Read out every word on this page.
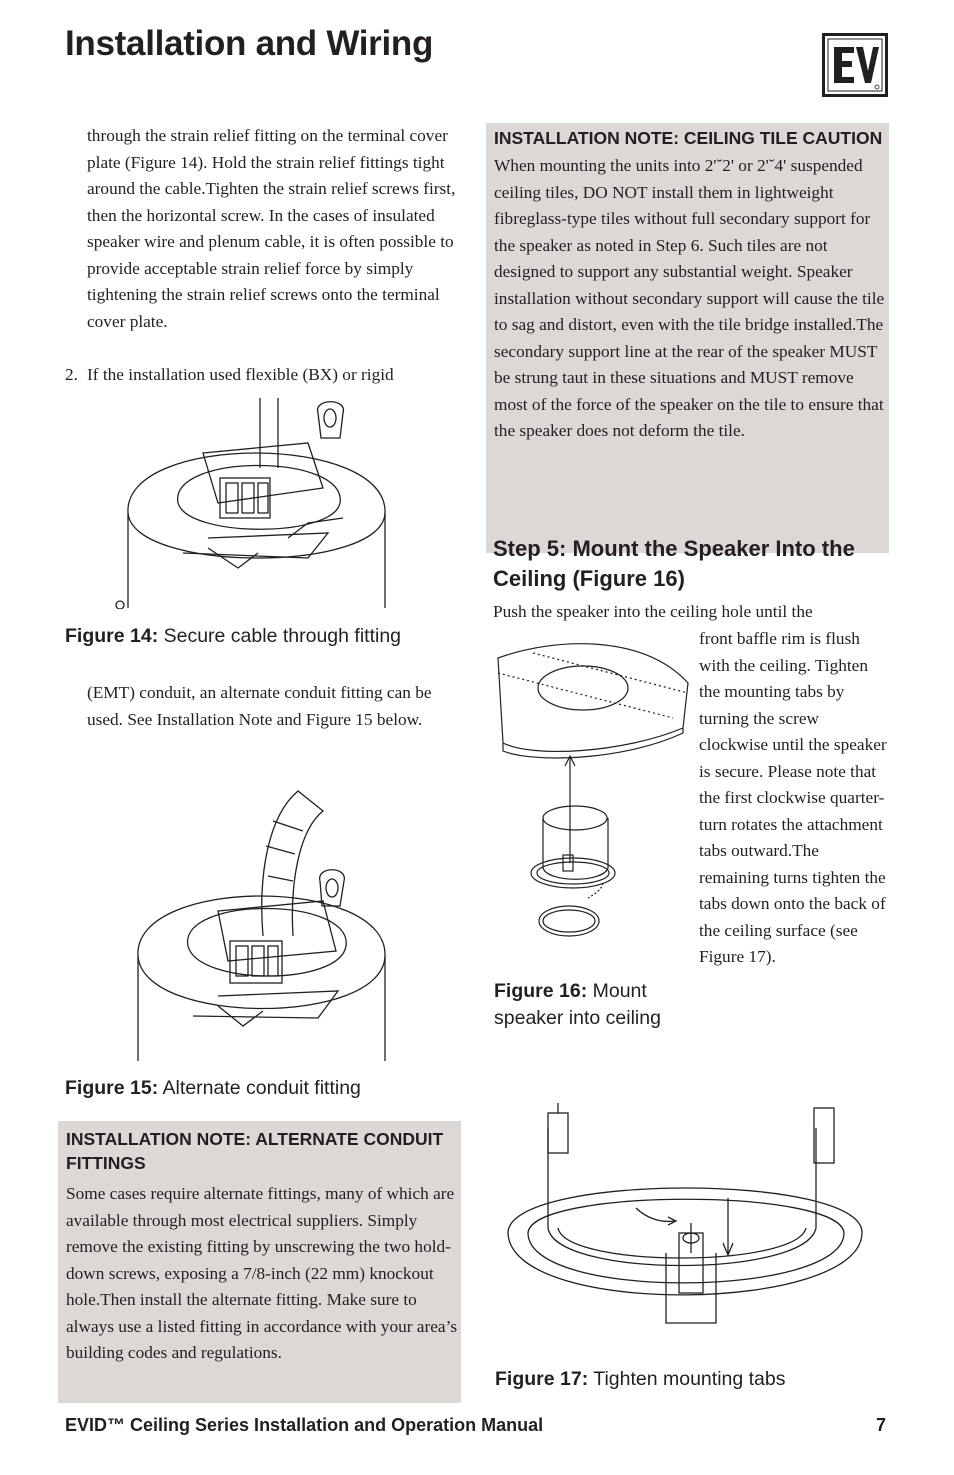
Installation and Wiring

through the strain relief fitting on the terminal cover plate (Figure 14). Hold the strain relief fittings tight around the cable.Tighten the strain relief screws first, then the horizontal screw. In the cases of insulated speaker wire and plenum cable, it is often possible to provide acceptable strain relief force by simply tightening the strain relief screws onto the terminal cover plate.

2. If the installation used flexible (BX) or rigid
Figure 14: Secure cable through fitting

(EMT) conduit, an alternate conduit fitting can be used. See Installation Note and Figure 15 below.

Figure 15: Alternate conduit fitting

INSTALLATION NOTE: ALTERNATE CONDUIT FITTINGS

Some cases require alternate fittings, many of which are available through most electrical suppliers. Simply remove the existing fitting by unscrewing the two hold-down screws, exposing a 7/8-inch (22 mm) knockout hole.Then install the alternate fitting. Make sure to always use a listed fitting in accordance with your area’s building codes and regulations.

INSTALLATION NOTE: CEILING TILE CAUTION

When mounting the units into 2'˘2' or 2'˘4' suspended ceiling tiles, DO NOT install them in lightweight fibreglass-type tiles without full secondary support for the speaker as noted in Step 6. Such tiles are not designed to support any substantial weight. Speaker installation without secondary support will cause the tile to sag and distort, even with the tile bridge installed.The secondary support line at the rear of the speaker MUST be strung taut in these situations and MUST remove most of the force of the speaker on the tile to ensure that the speaker does not deform the tile.

Step 5: Mount the Speaker Into the Ceiling (Figure 16)
Push the speaker into the ceiling hole until the
front baffle rim is flush with the ceiling. Tighten the mounting tabs by turning the screw clockwise until the speaker is secure. Please note that the first clockwise quarter-turn rotates the attachment tabs outward.The remaining turns tighten the tabs down onto the back of the ceiling surface (see Figure 17).
Figure 16: Mount speaker into ceiling
Figure 17: Tighten mounting tabs
EVID™ Ceiling Series Installation and Operation Manual	7
